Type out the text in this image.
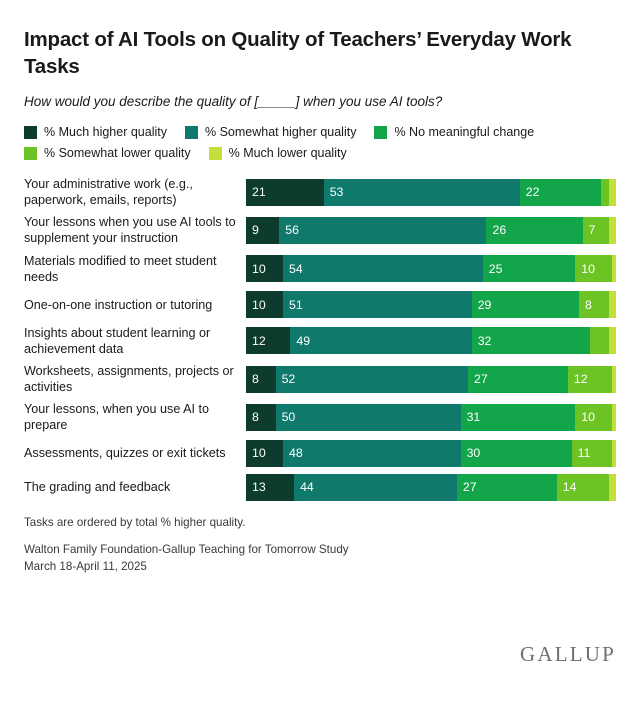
Impact of AI Tools on Quality of Teachers’ Everyday Work Tasks
How would you describe the quality of [_____] when you use AI tools?
% Much higher quality	% Somewhat higher quality	% No meaningful change
% Somewhat lower quality	% Much lower quality
Your administrative work (e.g., paperwork, emails, reports)
21	53	22
Your lessons when you use AI tools to supplement your instruction
9	56	26	7
Materials modified to meet student needs
10	54	25	10
One-on-one instruction or tutoring	10	51	29	8
Insights about student learning or achievement data
12	49	32
Worksheets, assignments, projects or activities
8	52	27	12
Your lessons, when you use AI to prepare
8	50	31	10
Assessments, quizzes or exit tickets	10	48	30	11
The grading and feedback	13	44	27	14
Tasks are ordered by total % higher quality.
Walton Family Foundation-Gallup Teaching for Tomorrow Study
March 18-April 11, 2025
GALLUP
